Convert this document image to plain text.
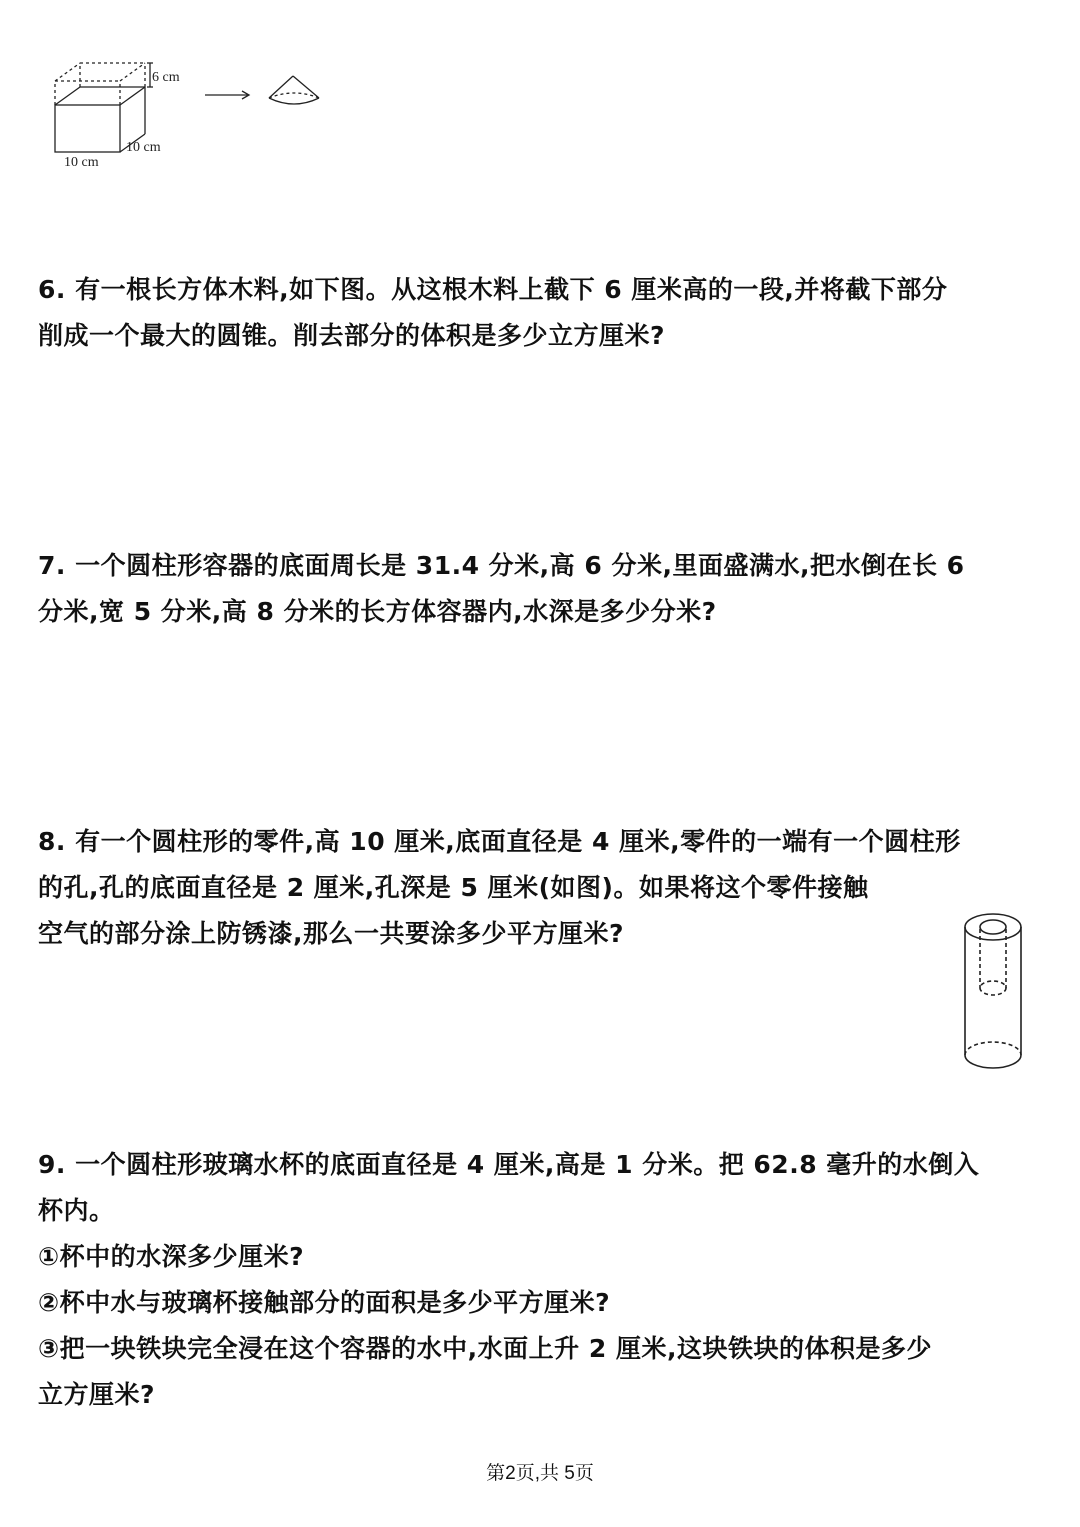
6 cm
10 cm
10 cm
6. 有一根长方体木料,如下图。从这根木料上截下 6 厘米高的一段,并将截下部分
削成一个最大的圆锥。削去部分的体积是多少立方厘米?
7. 一个圆柱形容器的底面周长是 31.4 分米,高 6 分米,里面盛满水,把水倒在长 6
分米,宽 5 分米,高 8 分米的长方体容器内,水深是多少分米?
8. 有一个圆柱形的零件,高 10 厘米,底面直径是 4 厘米,零件的一端有一个圆柱形
的孔,孔的底面直径是 2 厘米,孔深是 5 厘米(如图)。如果将这个零件接触
空气的部分涂上防锈漆,那么一共要涂多少平方厘米?
9. 一个圆柱形玻璃水杯的底面直径是 4 厘米,高是 1 分米。把 62.8 毫升的水倒入
杯内。
①杯中的水深多少厘米?
②杯中水与玻璃杯接触部分的面积是多少平方厘米?
③把一块铁块完全浸在这个容器的水中,水面上升 2 厘米,这块铁块的体积是多少
立方厘米?
第2页,共 5页
